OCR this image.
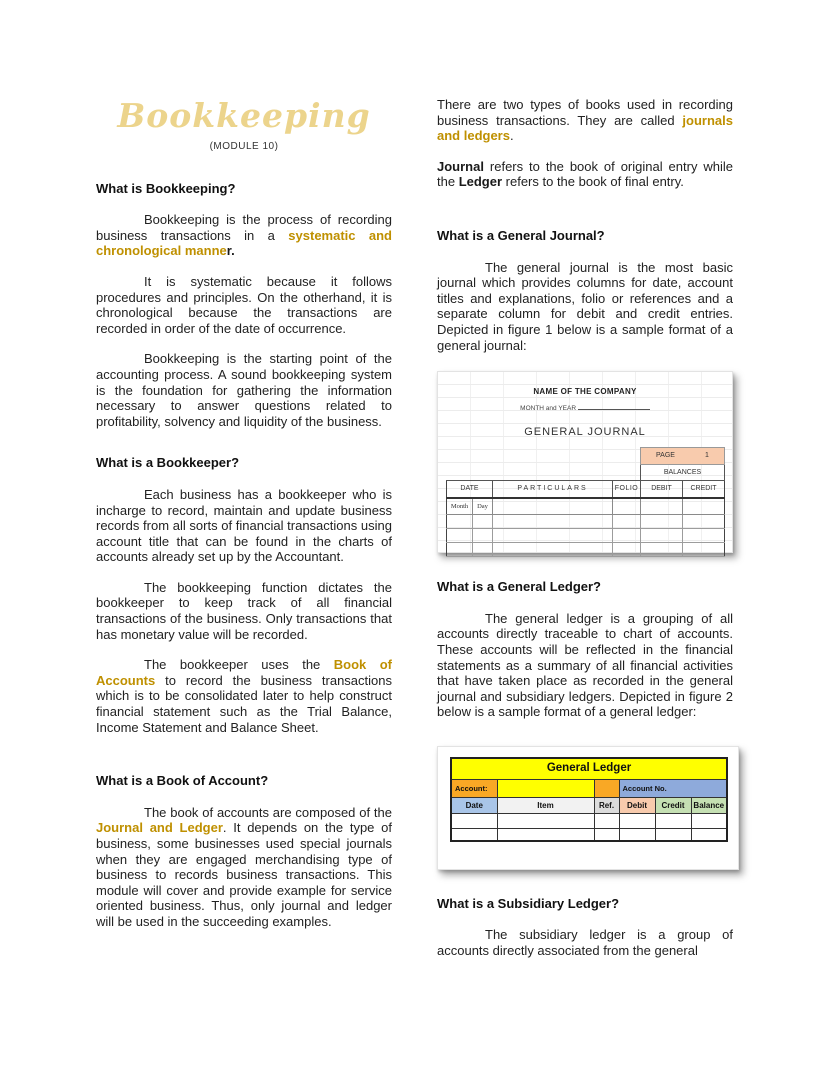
Bookkeeping
(MODULE 10)

What is Bookkeeping?

Bookkeeping is the process of recording business transactions in a systematic and chronological manner.

It is systematic because it follows procedures and principles. On the otherhand, it is chronological because the transactions are recorded in order of the date of occurrence.

Bookkeeping is the starting point of the accounting process. A sound bookkeeping system is the foundation for gathering the information necessary to answer questions related to profitability, solvency and liquidity of the business.

What is a Bookkeeper?

Each business has a bookkeeper who is incharge to record, maintain and update business records from all sorts of financial transactions using account title that can be found in the charts of accounts already set up by the Accountant.

The bookkeeping function dictates the bookkeeper to keep track of all financial transactions of the business. Only transactions that has monetary value will be recorded.

The bookkeeper uses the Book of Accounts to record the business transactions which is to be consolidated later to help construct financial statement such as the Trial Balance, Income Statement and Balance Sheet.

What is a Book of Account?

The book of accounts are composed of the Journal and Ledger. It depends on the type of business, some businesses used special journals when they are engaged merchandising type of business to records business transactions. This module will cover and provide example for service oriented business. Thus, only journal and ledger will be used in the succeeding examples.

There are two types of books used in recording business transactions. They are called journals and ledgers.

Journal refers to the book of original entry while the Ledger refers to the book of final entry.

What is a General Journal?

The general journal is the most basic journal which provides columns for date, account titles and explanations, folio or references and a separate column for debit and credit entries. Depicted in figure 1 below is a sample format of a general journal:

NAME OF THE COMPANY
MONTH and YEAR
GENERAL JOURNAL

				PAGE 1	

				BALANCES	
DATE		PARTICULARS	FOLIO	DEBIT	CREDIT
Month	Day				

What is a General Ledger?

The general ledger is a grouping of all accounts directly traceable to chart of accounts. These accounts will be reflected in the financial statements as a summary of all financial activities that have taken place as recorded in the general journal and subsidiary ledgers. Depicted in figure 2 below is a sample format of a general ledger:

General Ledger					
Account:			Account No.		
Date	Item	Ref.	Debit	Credit	Balance

What is a Subsidiary Ledger?

The subsidiary ledger is a group of accounts directly associated from the general
